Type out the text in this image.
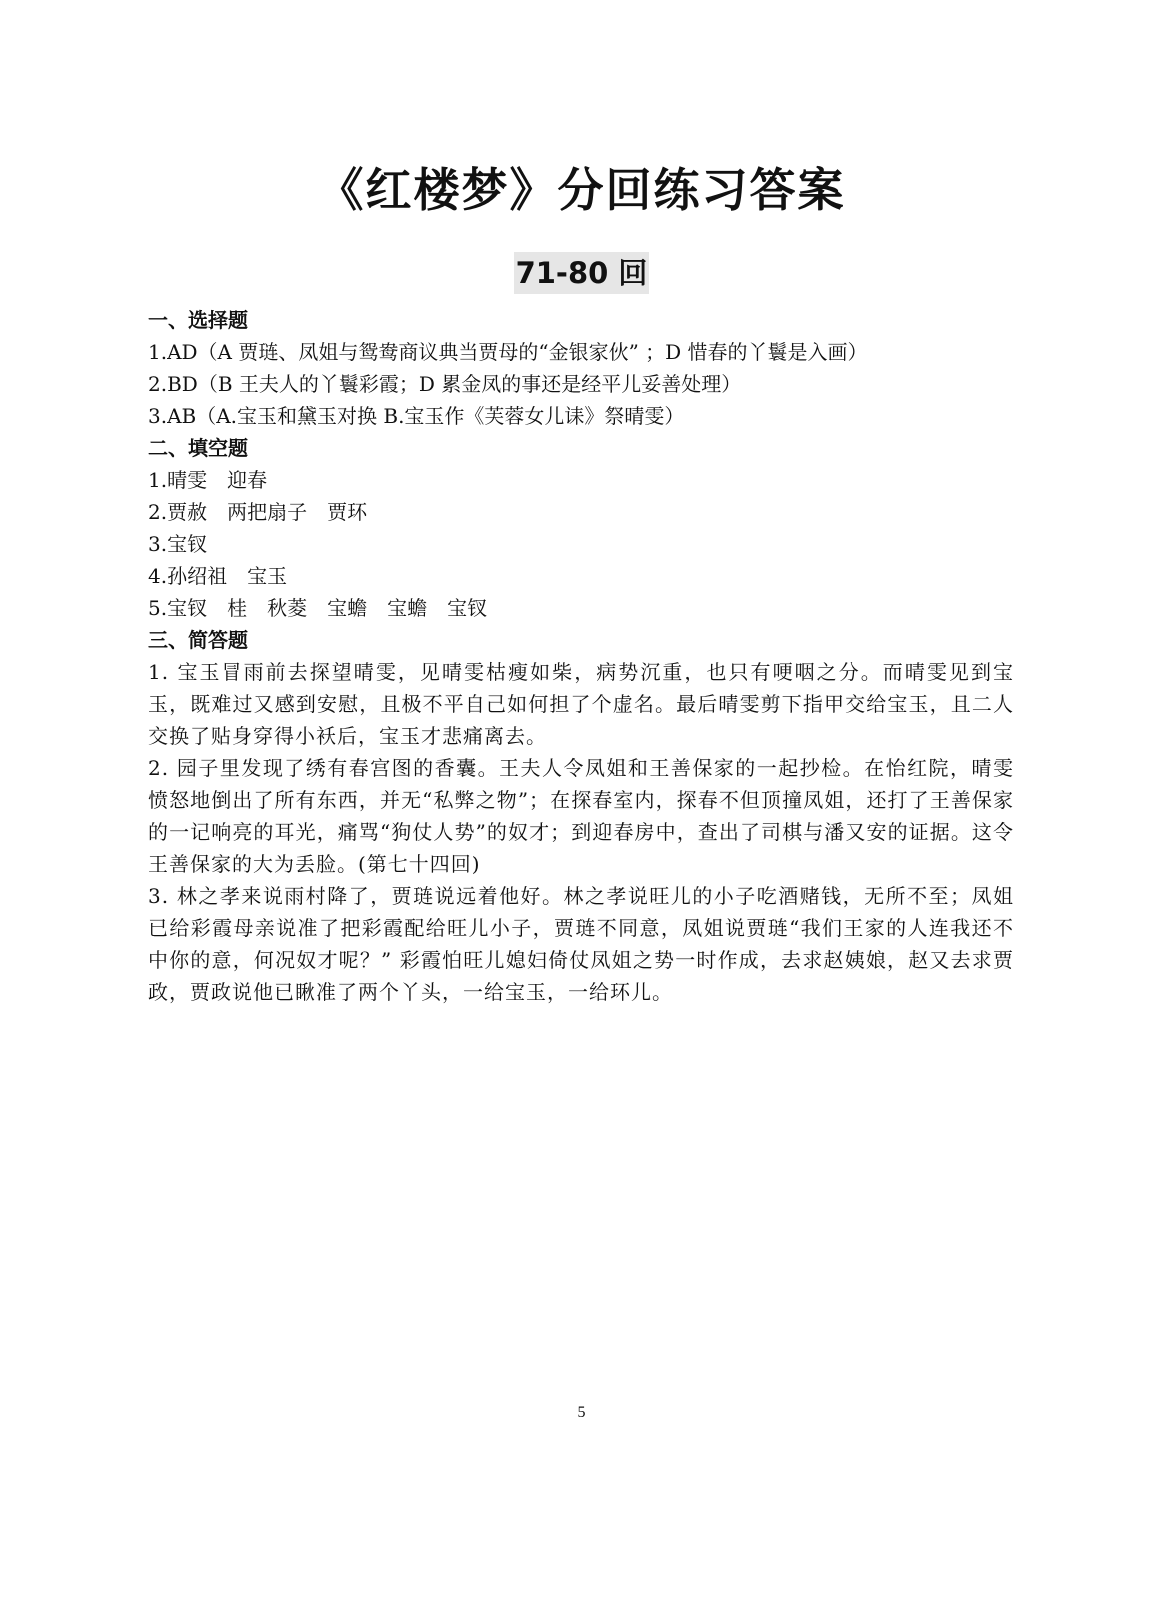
《红楼梦》分回练习答案
71-80 回

一、选择题

1.AD（A 贾琏、凤姐与鸳鸯商议典当贾母的“金银家伙” ；D 惜春的丫鬟是入画）

2.BD（B 王夫人的丫鬟彩霞；D 累金凤的事还是经平儿妥善处理）

3.AB（A.宝玉和黛玉对换 B.宝玉作《芙蓉女儿诔》祭晴雯）

二、填空题

1.晴雯　迎春

2.贾赦　两把扇子　贾环

3.宝钗

4.孙绍祖　宝玉

5.宝钗　桂　秋菱　宝蟾　宝蟾　宝钗

三、简答题

1. 宝玉冒雨前去探望晴雯，见晴雯枯瘦如柴，病势沉重，也只有哽咽之分。而晴雯见到宝玉，既难过又感到安慰，且极不平自己如何担了个虚名。最后晴雯剪下指甲交给宝玉，且二人交换了贴身穿得小袄后，宝玉才悲痛离去。

2. 园子里发现了绣有春宫图的香囊。王夫人令凤姐和王善保家的一起抄检。在怡红院，晴雯愤怒地倒出了所有东西，并无“私弊之物”；在探春室内，探春不但顶撞凤姐，还打了王善保家的一记响亮的耳光，痛骂“狗仗人势”的奴才；到迎春房中，查出了司棋与潘又安的证据。这令王善保家的大为丢脸。(第七十四回)

3. 林之孝来说雨村降了，贾琏说远着他好。林之孝说旺儿的小子吃酒赌钱，无所不至；凤姐已给彩霞母亲说准了把彩霞配给旺儿小子，贾琏不同意，凤姐说贾琏“我们王家的人连我还不中你的意，何况奴才呢？” 彩霞怕旺儿媳妇倚仗凤姐之势一时作成，去求赵姨娘，赵又去求贾政，贾政说他已瞅准了两个丫头，一给宝玉，一给环儿。

5
